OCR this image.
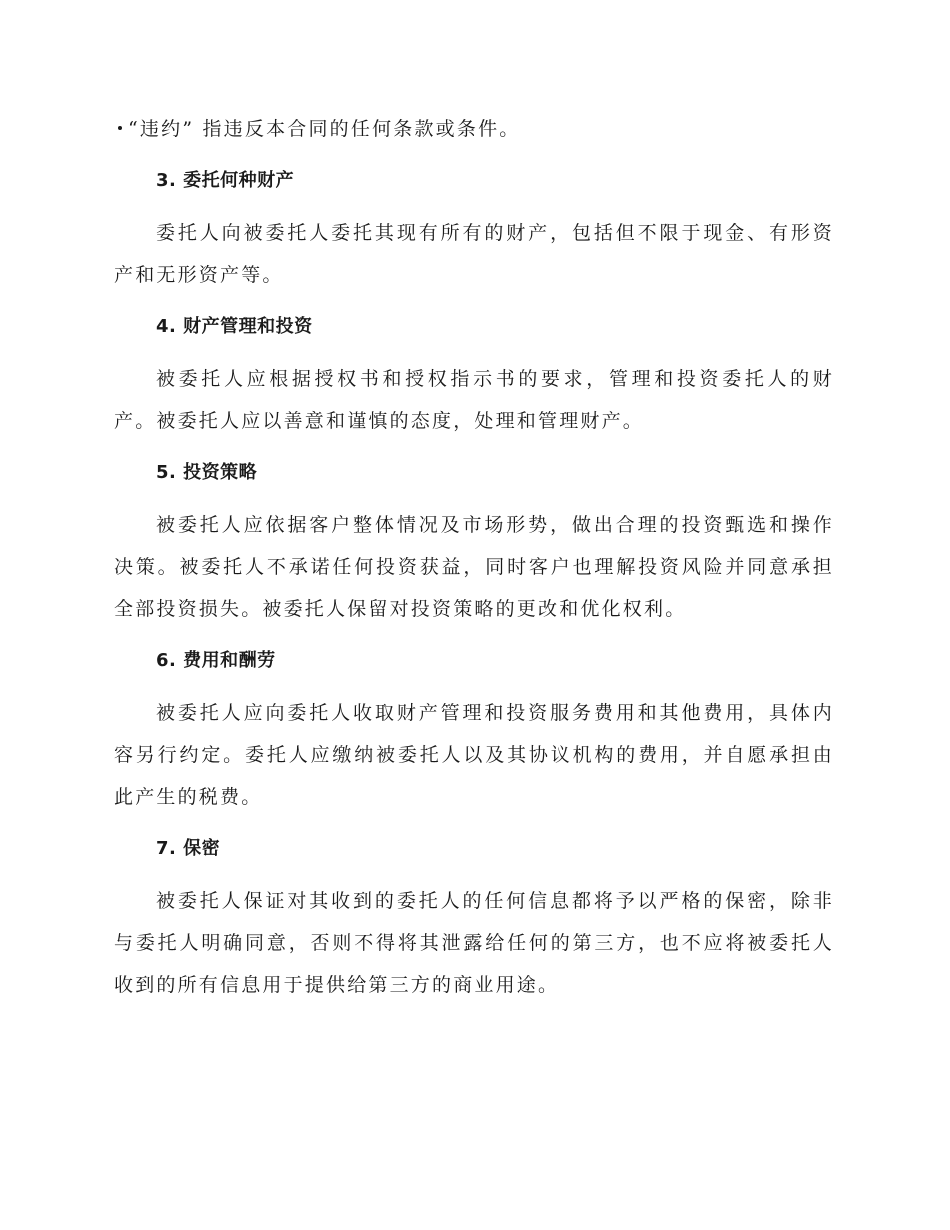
“违约” 指违反本合同的任何条款或条件。

3. 委托何种财产

委托人向被委托人委托其现有所有的财产，包括但不限于现金、有形资产和无形资产等。

4. 财产管理和投资

被委托人应根据授权书和授权指示书的要求，管理和投资委托人的财产。被委托人应以善意和谨慎的态度，处理和管理财产。

5. 投资策略

被委托人应依据客户整体情况及市场形势，做出合理的投资甄选和操作决策。被委托人不承诺任何投资获益，同时客户也理解投资风险并同意承担全部投资损失。被委托人保留对投资策略的更改和优化权利。

6. 费用和酬劳

被委托人应向委托人收取财产管理和投资服务费用和其他费用，具体内容另行约定。委托人应缴纳被委托人以及其协议机构的费用，并自愿承担由此产生的税费。

7. 保密

被委托人保证对其收到的委托人的任何信息都将予以严格的保密，除非与委托人明确同意，否则不得将其泄露给任何的第三方，也不应将被委托人收到的所有信息用于提供给第三方的商业用途。
